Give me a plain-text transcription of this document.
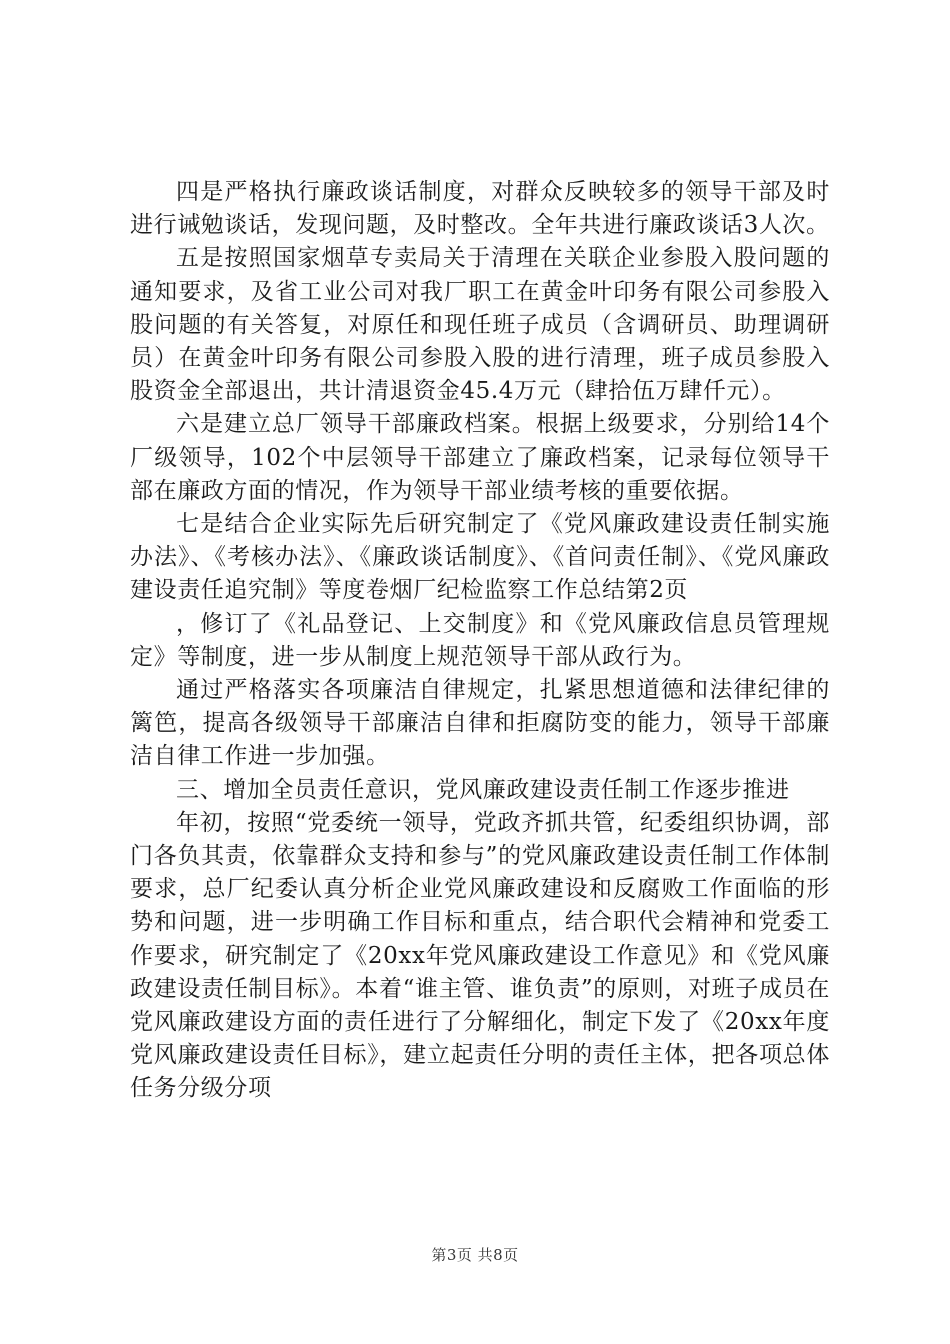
四是严格执行廉政谈话制度，对群众反映较多的领导干部及时进行诫勉谈话，发现问题，及时整改。全年共进行廉政谈话3人次。

五是按照国家烟草专卖局关于清理在关联企业参股入股问题的通知要求，及省工业公司对我厂职工在黄金叶印务有限公司参股入股问题的有关答复，对原任和现任班子成员（含调研员、助理调研员）在黄金叶印务有限公司参股入股的进行清理，班子成员参股入股资金全部退出，共计清退资金45.4万元（肆拾伍万肆仟元）。

六是建立总厂领导干部廉政档案。根据上级要求，分别给14个厂级领导，102个中层领导干部建立了廉政档案，记录每位领导干部在廉政方面的情况，作为领导干部业绩考核的重要依据。

七是结合企业实际先后研究制定了《党风廉政建设责任制实施办法》、《考核办法》、《廉政谈话制度》、《首问责任制》、《党风廉政建设责任追究制》等度卷烟厂纪检监察工作总结第2页

，修订了《礼品登记、上交制度》和《党风廉政信息员管理规定》等制度，进一步从制度上规范领导干部从政行为。

通过严格落实各项廉洁自律规定，扎紧思想道德和法律纪律的篱笆，提高各级领导干部廉洁自律和拒腐防变的能力，领导干部廉洁自律工作进一步加强。

三、增加全员责任意识，党风廉政建设责任制工作逐步推进

年初，按照“党委统一领导，党政齐抓共管，纪委组织协调，部门各负其责，依靠群众支持和参与”的党风廉政建设责任制工作体制要求，总厂纪委认真分析企业党风廉政建设和反腐败工作面临的形势和问题，进一步明确工作目标和重点，结合职代会精神和党委工作要求，研究制定了《20xx年党风廉政建设工作意见》和《党风廉政建设责任制目标》。本着“谁主管、谁负责”的原则，对班子成员在党风廉政建设方面的责任进行了分解细化，制定下发了《20xx年度党风廉政建设责任目标》，建立起责任分明的责任主体，把各项总体任务分级分项

第3页 共8页
